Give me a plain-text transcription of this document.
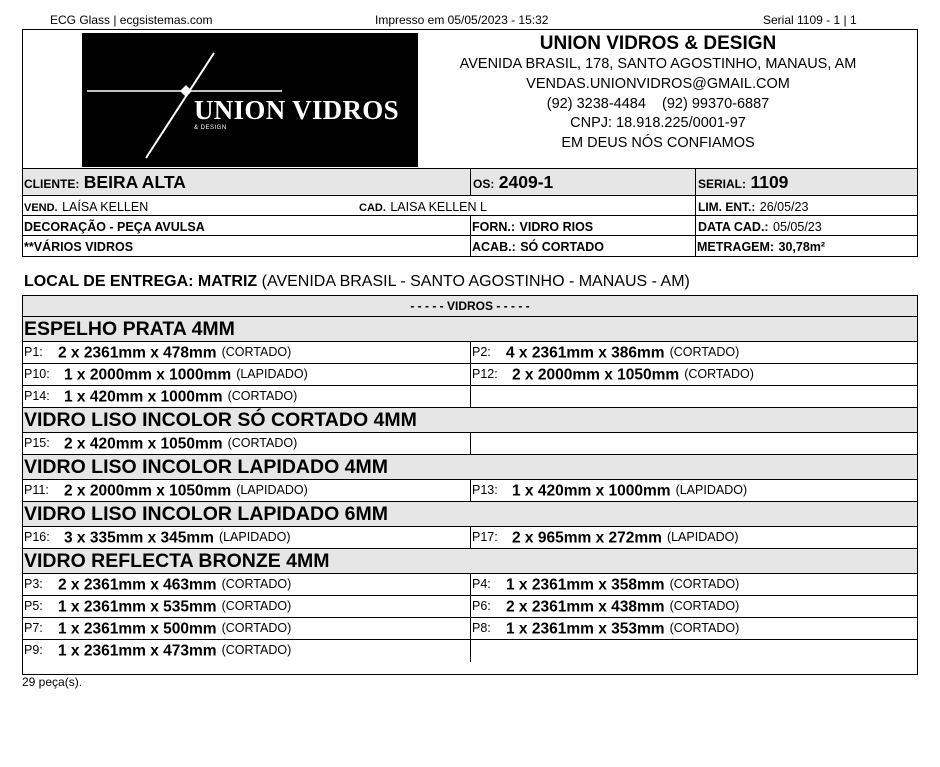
ECG Glass | ecgsistemas.com	Impresso em 05/05/2023 - 15:32	Serial 1109 - 1 | 1
UNION VIDROS
& DESIGN
UNION VIDROS & DESIGN
AVENIDA BRASIL, 178, SANTO AGOSTINHO, MANAUS, AM
VENDAS.UNIONVIDROS@GMAIL.COM
(92) 3238-4484    (92) 99370-6887
CNPJ: 18.918.225/0001-97
EM DEUS NÓS CONFIAMOS
CLIENTE: BEIRA ALTA	OS: 2409-1	SERIAL: 1109
VEND. LAÍSA KELLEN	CAD. LAISA KELLEN L	LIM. ENT.: 26/05/23
DECORAÇÃO - PEÇA AVULSA	FORN.: VIDRO RIOS	DATA CAD.: 05/05/23
**VÁRIOS VIDROS	ACAB.: SÓ CORTADO	METRAGEM: 30,78m²
LOCAL DE ENTREGA: MATRIZ (AVENIDA BRASIL - SANTO AGOSTINHO - MANAUS - AM)
- - - - - VIDROS - - - - -
ESPELHO PRATA 4MM
P1: 2 x 2361mm x 478mm (CORTADO)	P2: 4 x 2361mm x 386mm (CORTADO)
P10: 1 x 2000mm x 1000mm (LAPIDADO)	P12: 2 x 2000mm x 1050mm (CORTADO)
P14: 1 x 420mm x 1000mm (CORTADO)
VIDRO LISO INCOLOR SÓ CORTADO 4MM
P15: 2 x 420mm x 1050mm (CORTADO)
VIDRO LISO INCOLOR LAPIDADO 4MM
P11: 2 x 2000mm x 1050mm (LAPIDADO)	P13: 1 x 420mm x 1000mm (LAPIDADO)
VIDRO LISO INCOLOR LAPIDADO 6MM
P16: 3 x 335mm x 345mm (LAPIDADO)	P17: 2 x 965mm x 272mm (LAPIDADO)
VIDRO REFLECTA BRONZE 4MM
P3: 2 x 2361mm x 463mm (CORTADO)	P4: 1 x 2361mm x 358mm (CORTADO)
P5: 1 x 2361mm x 535mm (CORTADO)	P6: 2 x 2361mm x 438mm (CORTADO)
P7: 1 x 2361mm x 500mm (CORTADO)	P8: 1 x 2361mm x 353mm (CORTADO)
P9: 1 x 2361mm x 473mm (CORTADO)
29 peça(s).
